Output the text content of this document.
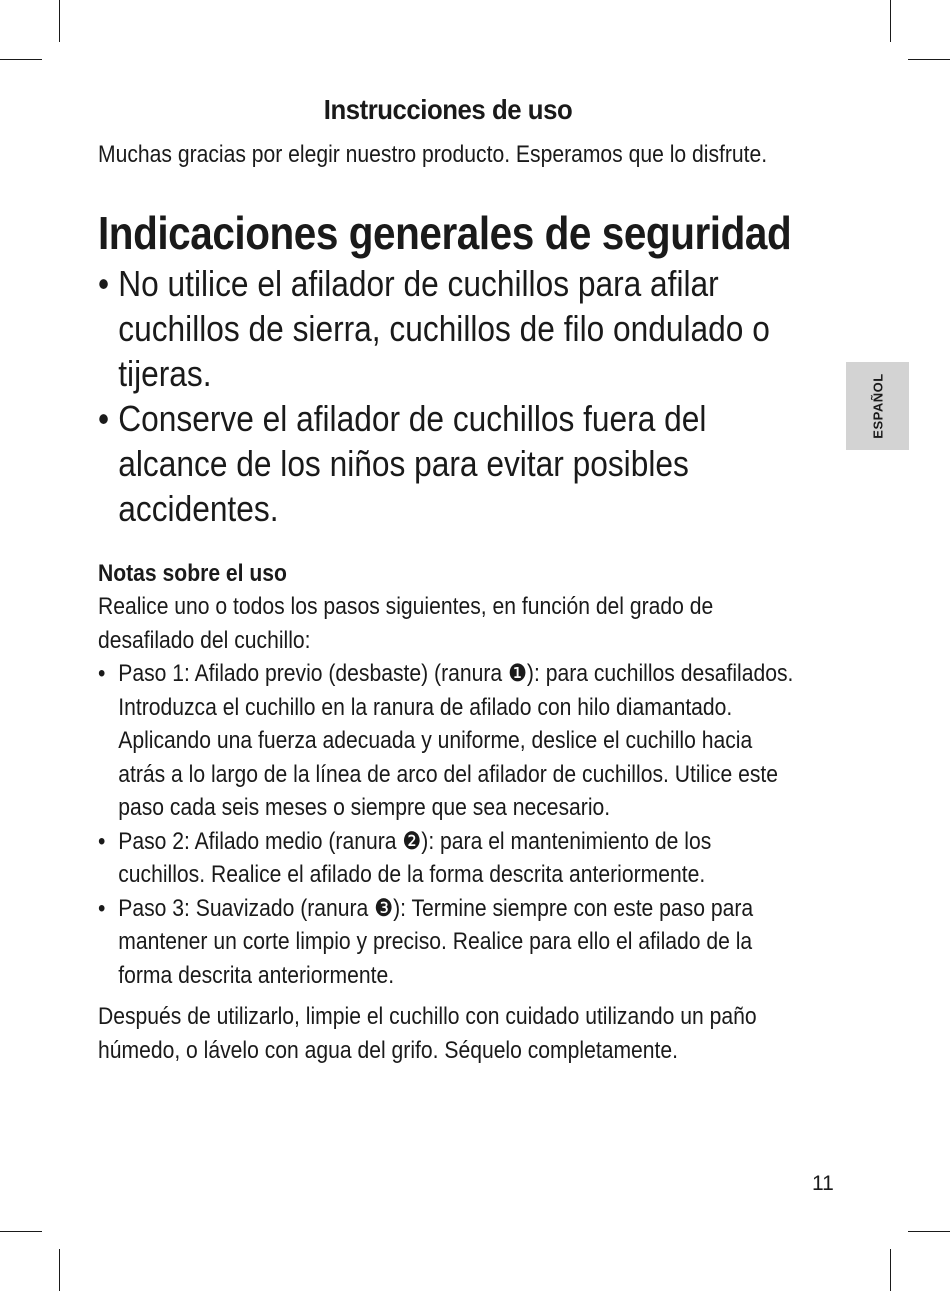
Instrucciones de uso

Muchas gracias por elegir nuestro producto. Esperamos que lo disfrute.

Indicaciones generales de seguridad
• No utilice el afilador de cuchillos para afilar cuchillos de sierra, cuchillos de filo ondulado o tijeras.
• Conserve el afilador de cuchillos fuera del alcance de los niños para evitar posibles accidentes.
Notas sobre el uso

Realice uno o todos los pasos siguientes, en función del grado de desafilado del cuchillo:

• Paso 1: Afilado previo (desbaste) (ranura ❶): para cuchillos desafilados. Introduzca el cuchillo en la ranura de afilado con hilo diamantado. Aplicando una fuerza adecuada y uniforme, deslice el cuchillo hacia atrás a lo largo de la línea de arco del afilador de cuchillos. Utilice este paso cada seis meses o siempre que sea necesario.
• Paso 2: Afilado medio (ranura ❷): para el mantenimiento de los cuchillos. Realice el afilado de la forma descrita anteriormente.
• Paso 3: Suavizado (ranura ❸): Termine siempre con este paso para mantener un corte limpio y preciso. Realice para ello el afilado de la forma descrita anteriormente.

Después de utilizarlo, limpie el cuchillo con cuidado utilizando un paño húmedo, o lávelo con agua del grifo. Séquelo completamente.

ESPAÑOL
11
